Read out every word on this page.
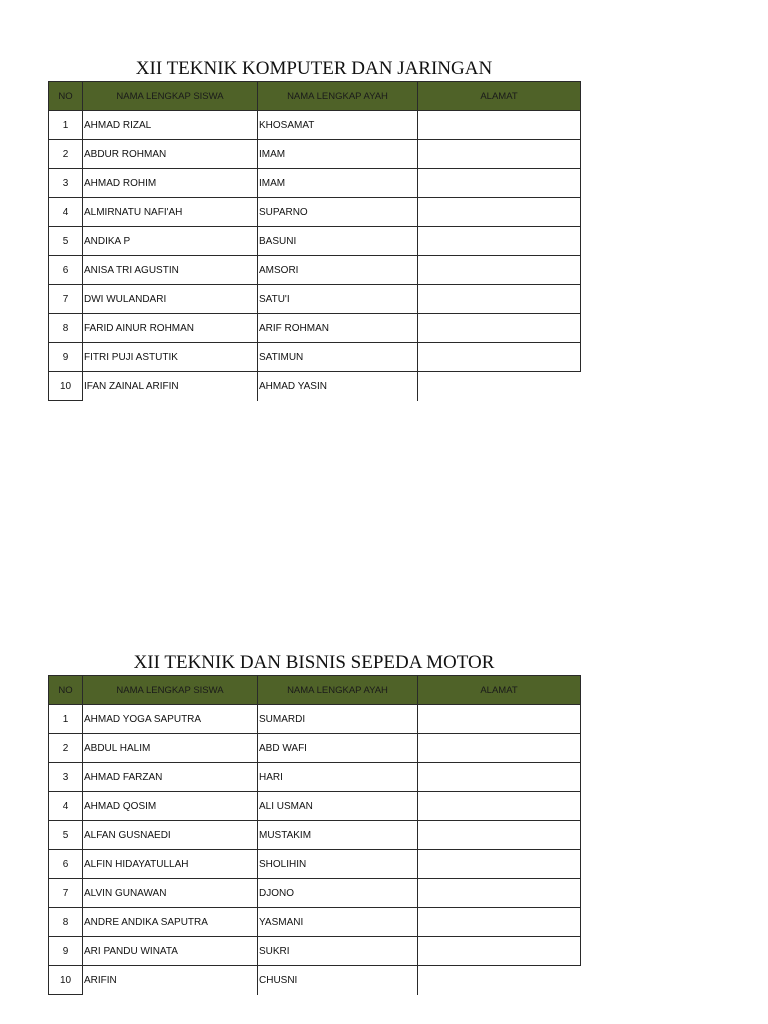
XII TEKNIK KOMPUTER DAN JARINGAN
NO	NAMA LENGKAP SISWA	NAMA LENGKAP AYAH	ALAMAT
1	AHMAD RIZAL	KHOSAMAT	
2	ABDUR ROHMAN	IMAM	
3	AHMAD ROHIM	IMAM	
4	ALMIRNATU NAFI'AH	SUPARNO	
5	ANDIKA P	BASUNI	
6	ANISA TRI AGUSTIN	AMSORI	
7	DWI WULANDARI	SATU'I	
8	FARID AINUR ROHMAN	ARIF ROHMAN	
9	FITRI PUJI ASTUTIK	SATIMUN	
10	IFAN ZAINAL ARIFIN	AHMAD YASIN	
XII TEKNIK DAN BISNIS SEPEDA MOTOR
NO	NAMA LENGKAP SISWA	NAMA LENGKAP AYAH	ALAMAT
1	AHMAD YOGA SAPUTRA	SUMARDI	
2	ABDUL HALIM	ABD WAFI	
3	AHMAD FARZAN	HARI	
4	AHMAD QOSIM	ALI USMAN	
5	ALFAN GUSNAEDI	MUSTAKIM	
6	ALFIN HIDAYATULLAH	SHOLIHIN	
7	ALVIN GUNAWAN	DJONO	
8	ANDRE ANDIKA SAPUTRA	YASMANI	
9	ARI PANDU WINATA	SUKRI	
10	ARIFIN	CHUSNI	
